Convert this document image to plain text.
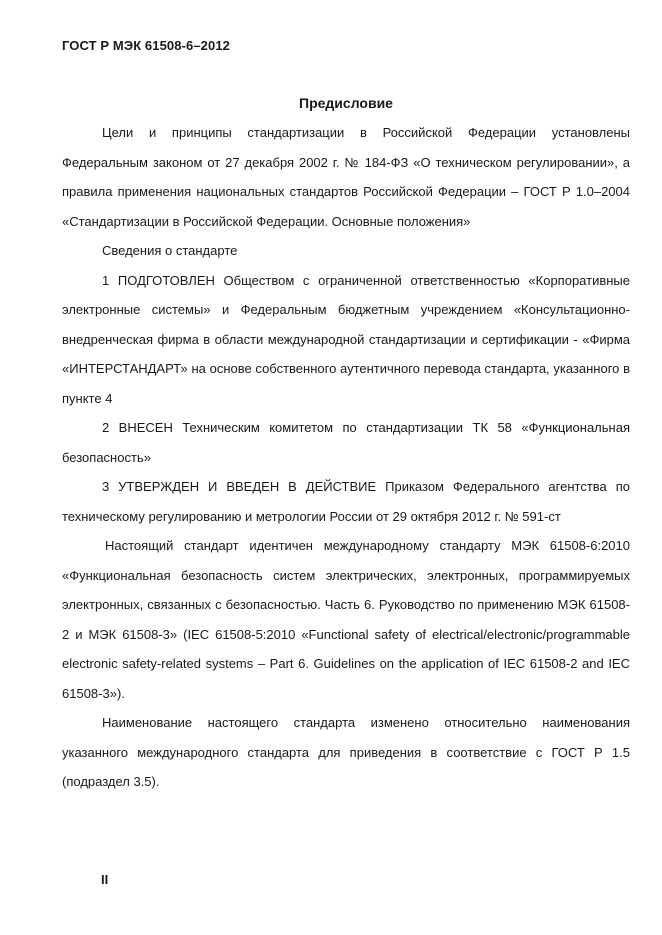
ГОСТ Р МЭК 61508-6–2012
Предисловие

Цели и принципы стандартизации в Российской Федерации установлены Федеральным законом от 27 декабря 2002 г. № 184-ФЗ «О техническом регулировании», а правила применения национальных стандартов Российской Федерации – ГОСТ Р 1.0–2004 «Стандартизации в Российской Федерации. Основные положения»

Сведения о стандарте

1 ПОДГОТОВЛЕН Обществом с ограниченной ответственностью «Корпоративные электронные системы» и Федеральным бюджетным учреждением «Консультационно-внедренческая фирма в области международной стандартизации и сертификации - «Фирма «ИНТЕРСТАНДАРТ» на основе собственного аутентичного перевода стандарта, указанного в пункте 4

2 ВНЕСЕН Техническим комитетом по стандартизации ТК 58 «Функциональная безопасность»

3 УТВЕРЖДЕН И ВВЕДЕН В ДЕЙСТВИЕ Приказом Федерального агентства по техническому регулированию и метрологии России от 29 октября 2012 г. № 591-ст

Настоящий стандарт идентичен международному стандарту МЭК 61508-6:2010 «Функциональная безопасность систем электрических, электронных, программируемых электронных, связанных с безопасностью. Часть 6. Руководство по применению МЭК 61508-2 и МЭК 61508-3» (IEC 61508-5:2010 «Functional safety of electrical/electronic/programmable electronic safety-related systems – Part 6. Guidelines on the application of IEC 61508-2 and IEC 61508-3»).

Наименование настоящего стандарта изменено относительно наименования указанного международного стандарта для приведения в соответствие с ГОСТ Р 1.5 (подраздел 3.5).

II
